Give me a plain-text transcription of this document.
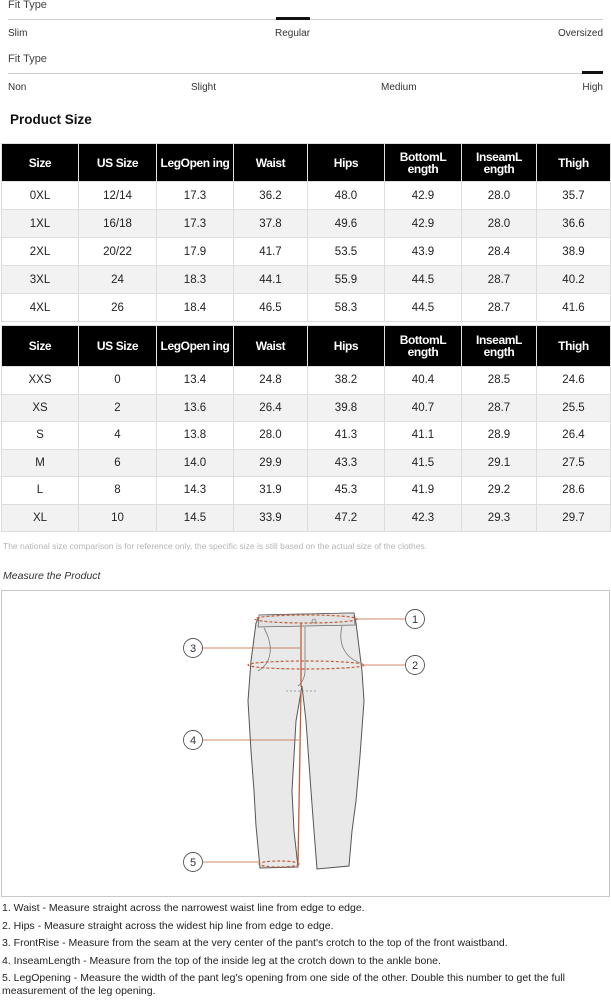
Fit Type
Slim	Regular	Oversized
Fit Type
Non	Slight	Medium	High
Product Size
Size	US Size	LegOpen ing	Waist	Hips	BottomL ength	InseamL ength	Thigh
0XL	12/14	17.3	36.2	48.0	42.9	28.0	35.7
1XL	16/18	17.3	37.8	49.6	42.9	28.0	36.6
2XL	20/22	17.9	41.7	53.5	43.9	28.4	38.9
3XL	24	18.3	44.1	55.9	44.5	28.7	40.2
4XL	26	18.4	46.5	58.3	44.5	28.7	41.6
Size	US Size	LegOpen ing	Waist	Hips	BottomL ength	InseamL ength	Thigh
XXS	0	13.4	24.8	38.2	40.4	28.5	24.6
XS	2	13.6	26.4	39.8	40.7	28.7	25.5
S	4	13.8	28.0	41.3	41.1	28.9	26.4
M	6	14.0	29.9	43.3	41.5	29.1	27.5
L	8	14.3	31.9	45.3	41.9	29.2	28.6
XL	10	14.5	33.9	47.2	42.3	29.3	29.7
The national size comparison is for reference only, the specific size is still based on the actual size of the clothes.
Measure the Product
1
2
3
4
5
1. Waist - Measure straight across the narrowest waist line from edge to edge.
2. Hips - Measure straight across the widest hip line from edge to edge.
3. FrontRise - Measure from the seam at the very center of the pant's crotch to the top of the front waistband.
4. InseamLength - Measure from the top of the inside leg at the crotch down to the ankle bone.
5. LegOpening - Measure the width of the pant leg's opening from one side of the other. Double this number to get the full measurement of the leg opening.
